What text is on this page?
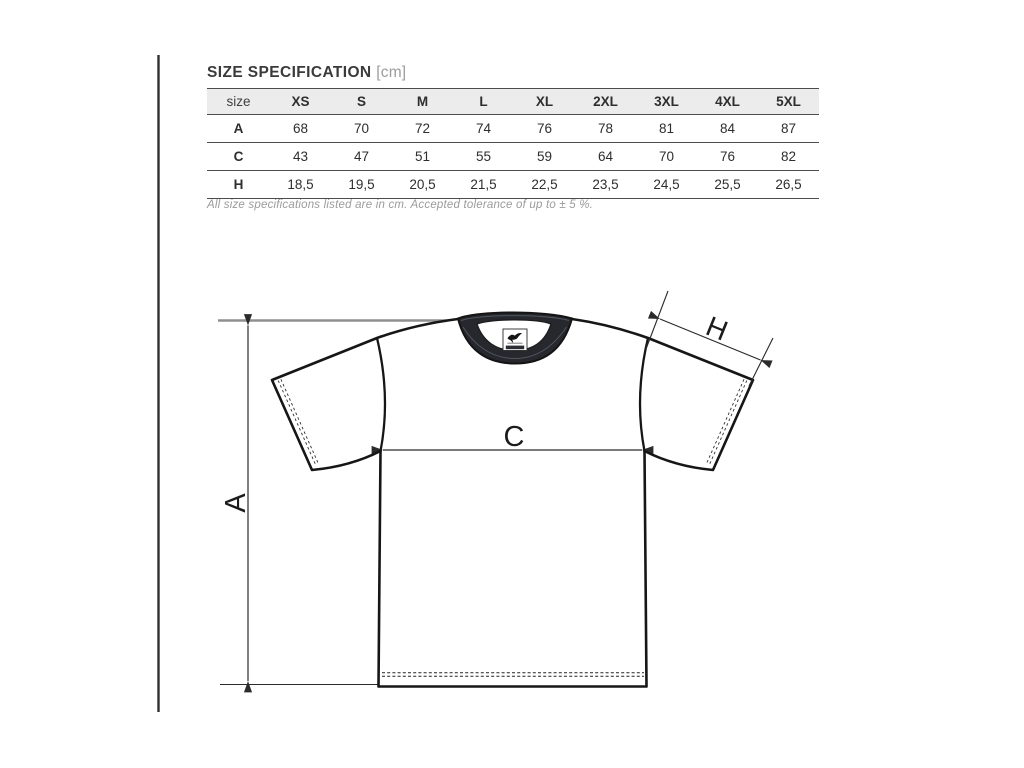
SIZE SPECIFICATION [cm]
size	XS	S	M	L	XL	2XL	3XL	4XL	5XL
A	68	70	72	74	76	78	81	84	87
C	43	47	51	55	59	64	70	76	82
H	18,5	19,5	20,5	21,5	22,5	23,5	24,5	25,5	26,5
All size specifications listed are in cm. Accepted tolerance of up to ± 5 %.
A
C
H
